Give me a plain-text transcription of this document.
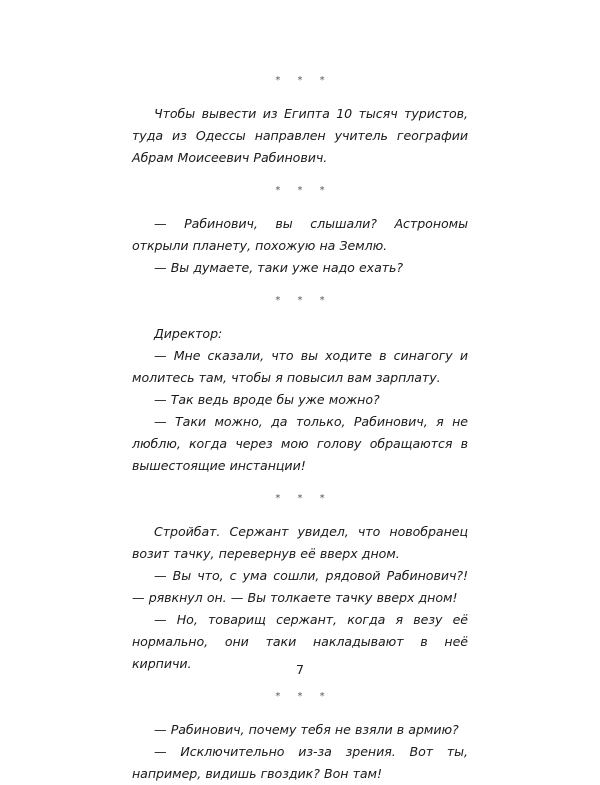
* * *

Чтобы вывести из Египта 10 тысяч туристов, туда из Одессы направлен учитель географии Абрам Моисеевич Рабинович.

* * *

— Рабинович, вы слышали? Астрономы открыли планету, похожую на Землю.

— Вы думаете, таки уже надо ехать?

* * *

Директор:

— Мне сказали, что вы ходите в синагогу и молитесь там, чтобы я повысил вам зарплату.

— Так ведь вроде бы уже можно?

— Таки можно, да только, Рабинович, я не люблю, когда через мою голову обращаются в вышестоящие инстанции!

* * *

Стройбат. Сержант увидел, что новобранец возит тачку, перевернув её вверх дном.

— Вы что, с ума сошли, рядовой Рабинович?! — рявкнул он. — Вы толкаете тачку вверх дном!

— Но, товарищ сержант, когда я везу её нормально, они таки накладывают в неё кирпичи.

* * *

— Рабинович, почему тебя не взяли в армию?

— Исключительно из-за зрения. Вот ты, например, видишь гвоздик? Вон там!

7
